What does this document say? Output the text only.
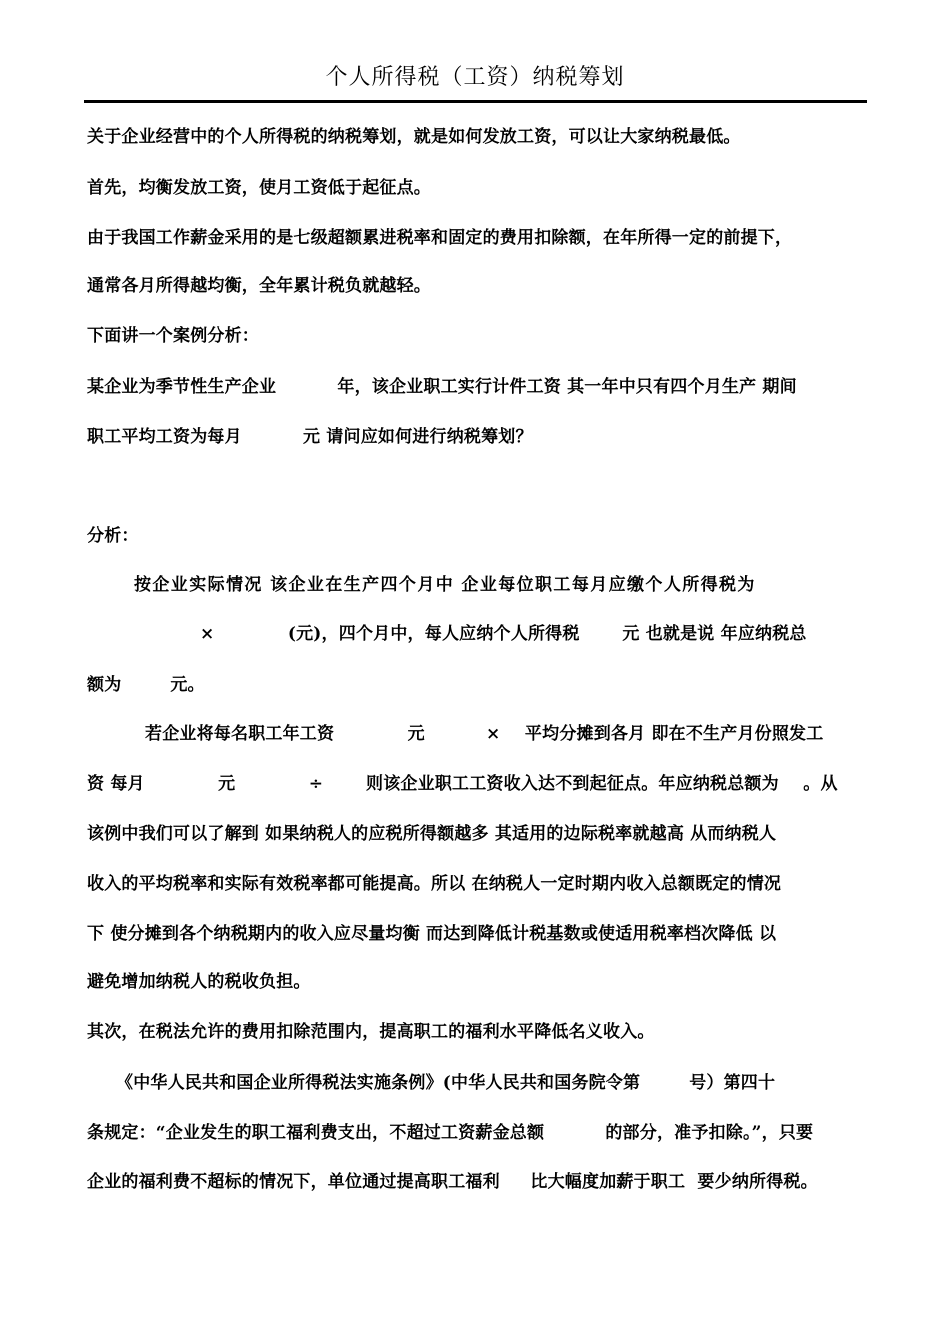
个人所得税（工资）纳税筹划
关于企业经营中的个人所得税的纳税筹划，就是如何发放工资，可以让大家纳税最低。
首先，均衡发放工资，使月工资低于起征点。
由于我国工作薪金采用的是七级超额累进税率和固定的费用扣除额，在年所得一定的前提下，
通常各月所得越均衡，全年累计税负就越轻。
下面讲一个案例分析：
某企业为季节性生产企业          年，该企业职工实行计件工资 其一年中只有四个月生产 期间
职工平均工资为每月          元 请问应如何进行纳税筹划？
分析：
按企业实际情况 该企业在生产四个月中 企业每位职工每月应缴个人所得税为
×            (元)，四个月中，每人应纳个人所得税       元 也就是说 年应纳税总
额为        元。
若企业将每名职工年工资            元          ×    平均分摊到各月 即在不生产月份照发工
资 每月            元            ÷       则该企业职工工资收入达不到起征点。年应纳税总额为    。从
该例中我们可以了解到 如果纳税人的应税所得额越多 其适用的边际税率就越高 从而纳税人
收入的平均税率和实际有效税率都可能提高。所以 在纳税人一定时期内收入总额既定的情况
下 使分摊到各个纳税期内的收入应尽量均衡 而达到降低计税基数或使适用税率档次降低 以
避免增加纳税人的税收负担。
其次，在税法允许的费用扣除范围内，提高职工的福利水平降低名义收入。
《中华人民共和国企业所得税法实施条例》(中华人民共和国务院令第        号）第四十
条规定：“企业发生的职工福利费支出，不超过工资薪金总额          的部分，准予扣除。”，只要
企业的福利费不超标的情况下，单位通过提高职工福利     比大幅度加薪于职工  要少纳所得税。
